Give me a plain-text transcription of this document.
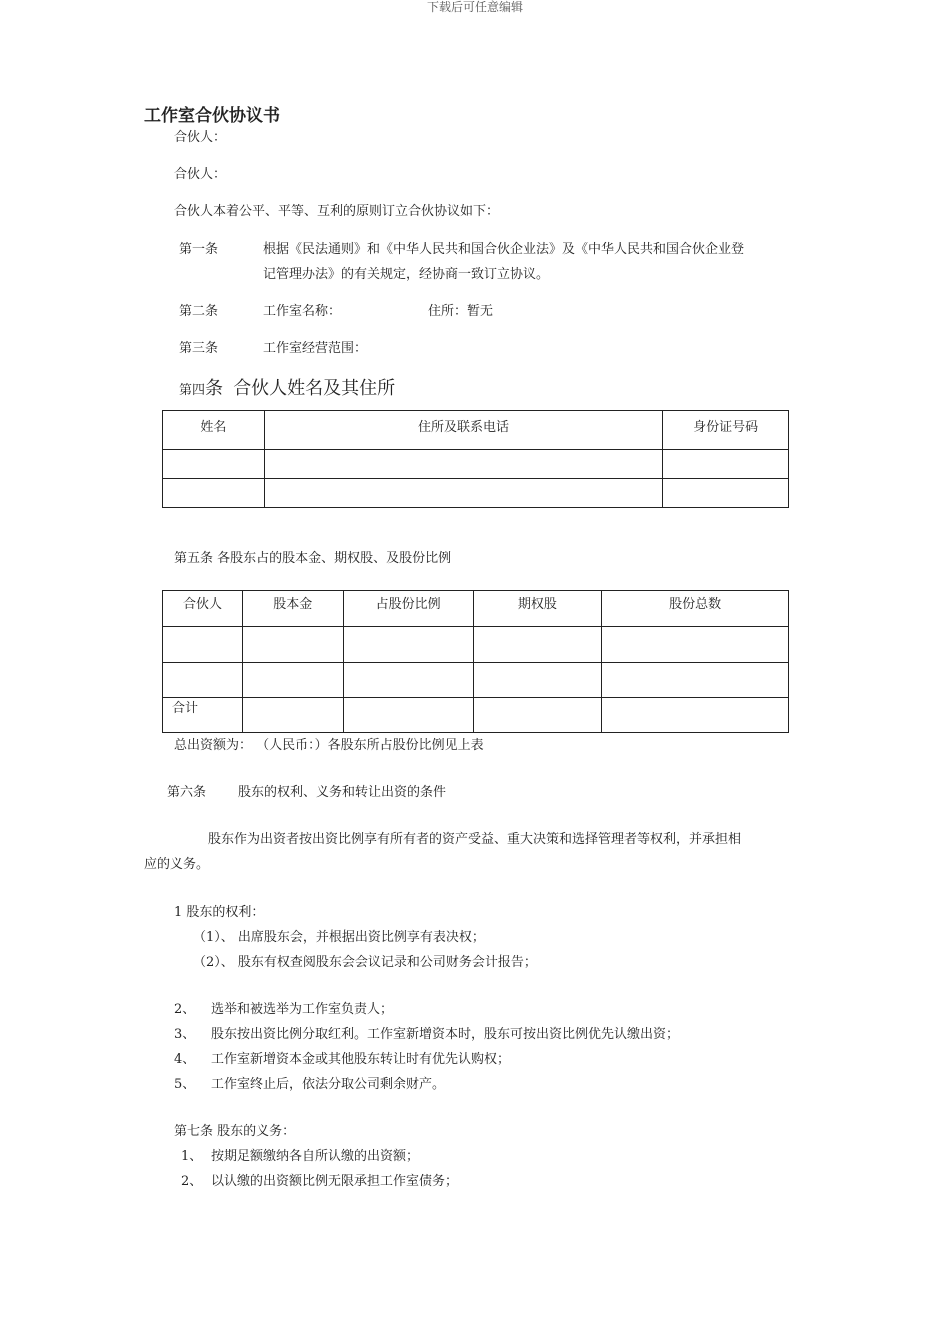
下载后可任意编辑
工作室合伙协议书
合伙人：
合伙人：
合伙人本着公平、平等、互利的原则订立合伙协议如下：
第一条	根据《民法通则》和《中华人民共和国合伙企业法》及《中华人民共和国合伙企业登
记管理办法》的有关规定，经协商一致订立协议。
第二条	工作室名称：	住所：暂无
第三条	工作室经营范围：
第四条 合伙人姓名及其住所
姓名	住所及联系电话	身份证号码

第五条 各股东占的股本金、期权股、及股份比例
合伙人	股本金	占股份比例	期权股	股份总数

合计				

总出资额为： （人民币：）各股东所占股份比例见上表
第六条 股东的权利、义务和转让出资的条件
股东作为出资者按出资比例享有所有者的资产受益、重大决策和选择管理者等权利，并承担相
应的义务。
1 股东的权利：
（1）、 出席股东会，并根据出资比例享有表决权；
（2）、 股东有权查阅股东会会议记录和公司财务会计报告；
2、 选举和被选举为工作室负责人；
3、 股东按出资比例分取红利。工作室新增资本时，股东可按出资比例优先认缴出资；
4、 工作室新增资本金或其他股东转让时有优先认购权；
5、 工作室终止后，依法分取公司剩余财产。
第七条 股东的义务：
1、 按期足额缴纳各自所认缴的出资额；
2、 以认缴的出资额比例无限承担工作室债务；
